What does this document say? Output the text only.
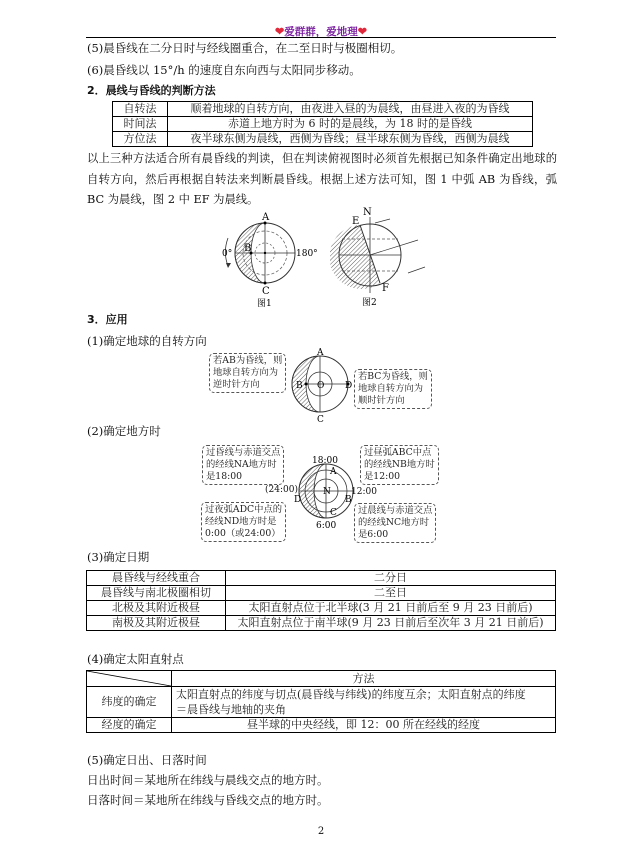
❤爱群群，爱地理❤
(5)晨昏线在二分日时与经线圈重合，在二至日时与极圈相切。
(6)晨昏线以 15°/h 的速度自东向西与太阳同步移动。
2．晨线与昏线的判断方法
自转法	顺着地球的自转方向，由夜进入昼的为晨线，由昼进入夜的为昏线
时间法	赤道上地方时为 6 时的是晨线，为 18 时的是昏线
方位法	夜半球东侧为晨线，西侧为昏线；昼半球东侧为昏线，西侧为晨线
以上三种方法适合所有晨昏线的判读，但在判读俯视图时必须首先根据已知条件确定出地球的自转方向，然后再根据自转法来判断晨昏线。根据上述方法可知，图 1 中弧 AB 为昏线，弧 BC 为晨线，图 2 中 EF 为晨线。
A
B
C
0°	180°
图1
N
E
F
图2
3．应用
(1)确定地球的自转方向
A
B O D
C
若AB为昏线，则
地球自转方向为
逆时针方向
若BC为昏线，则
地球自转方向为
顺时针方向
(2)确定地方时
18:00
A
N
B
C
D
6:00
(24:00)	12:00
过昏线与赤道交点
的经线NA地方时
是18:00
过昼弧ABC中点
的经线NB地方时
是12:00
过夜弧ADC中点的
经线ND地方时是
0:00（或24:00）
过晨线与赤道交点
的经线NC地方时
是6:00
(3)确定日期
晨昏线与经线重合	二分日
晨昏线与南北极圈相切	二至日
北极及其附近极昼	太阳直射点位于北半球(3 月 21 日前后至 9 月 23 日前后)
南极及其附近极昼	太阳直射点位于南半球(9 月 23 日前后至次年 3 月 21 日前后)
(4)确定太阳直射点
	方法
纬度的确定	太阳直射点的纬度与切点(晨昏线与纬线)的纬度互余；太阳直射点的纬度
＝晨昏线与地轴的夹角

经度的确定	昼半球的中央经线，即 12：00 所在经线的经度
(5)确定日出、日落时间
日出时间＝某地所在纬线与晨线交点的地方时。
日落时间＝某地所在纬线与昏线交点的地方时。
2
